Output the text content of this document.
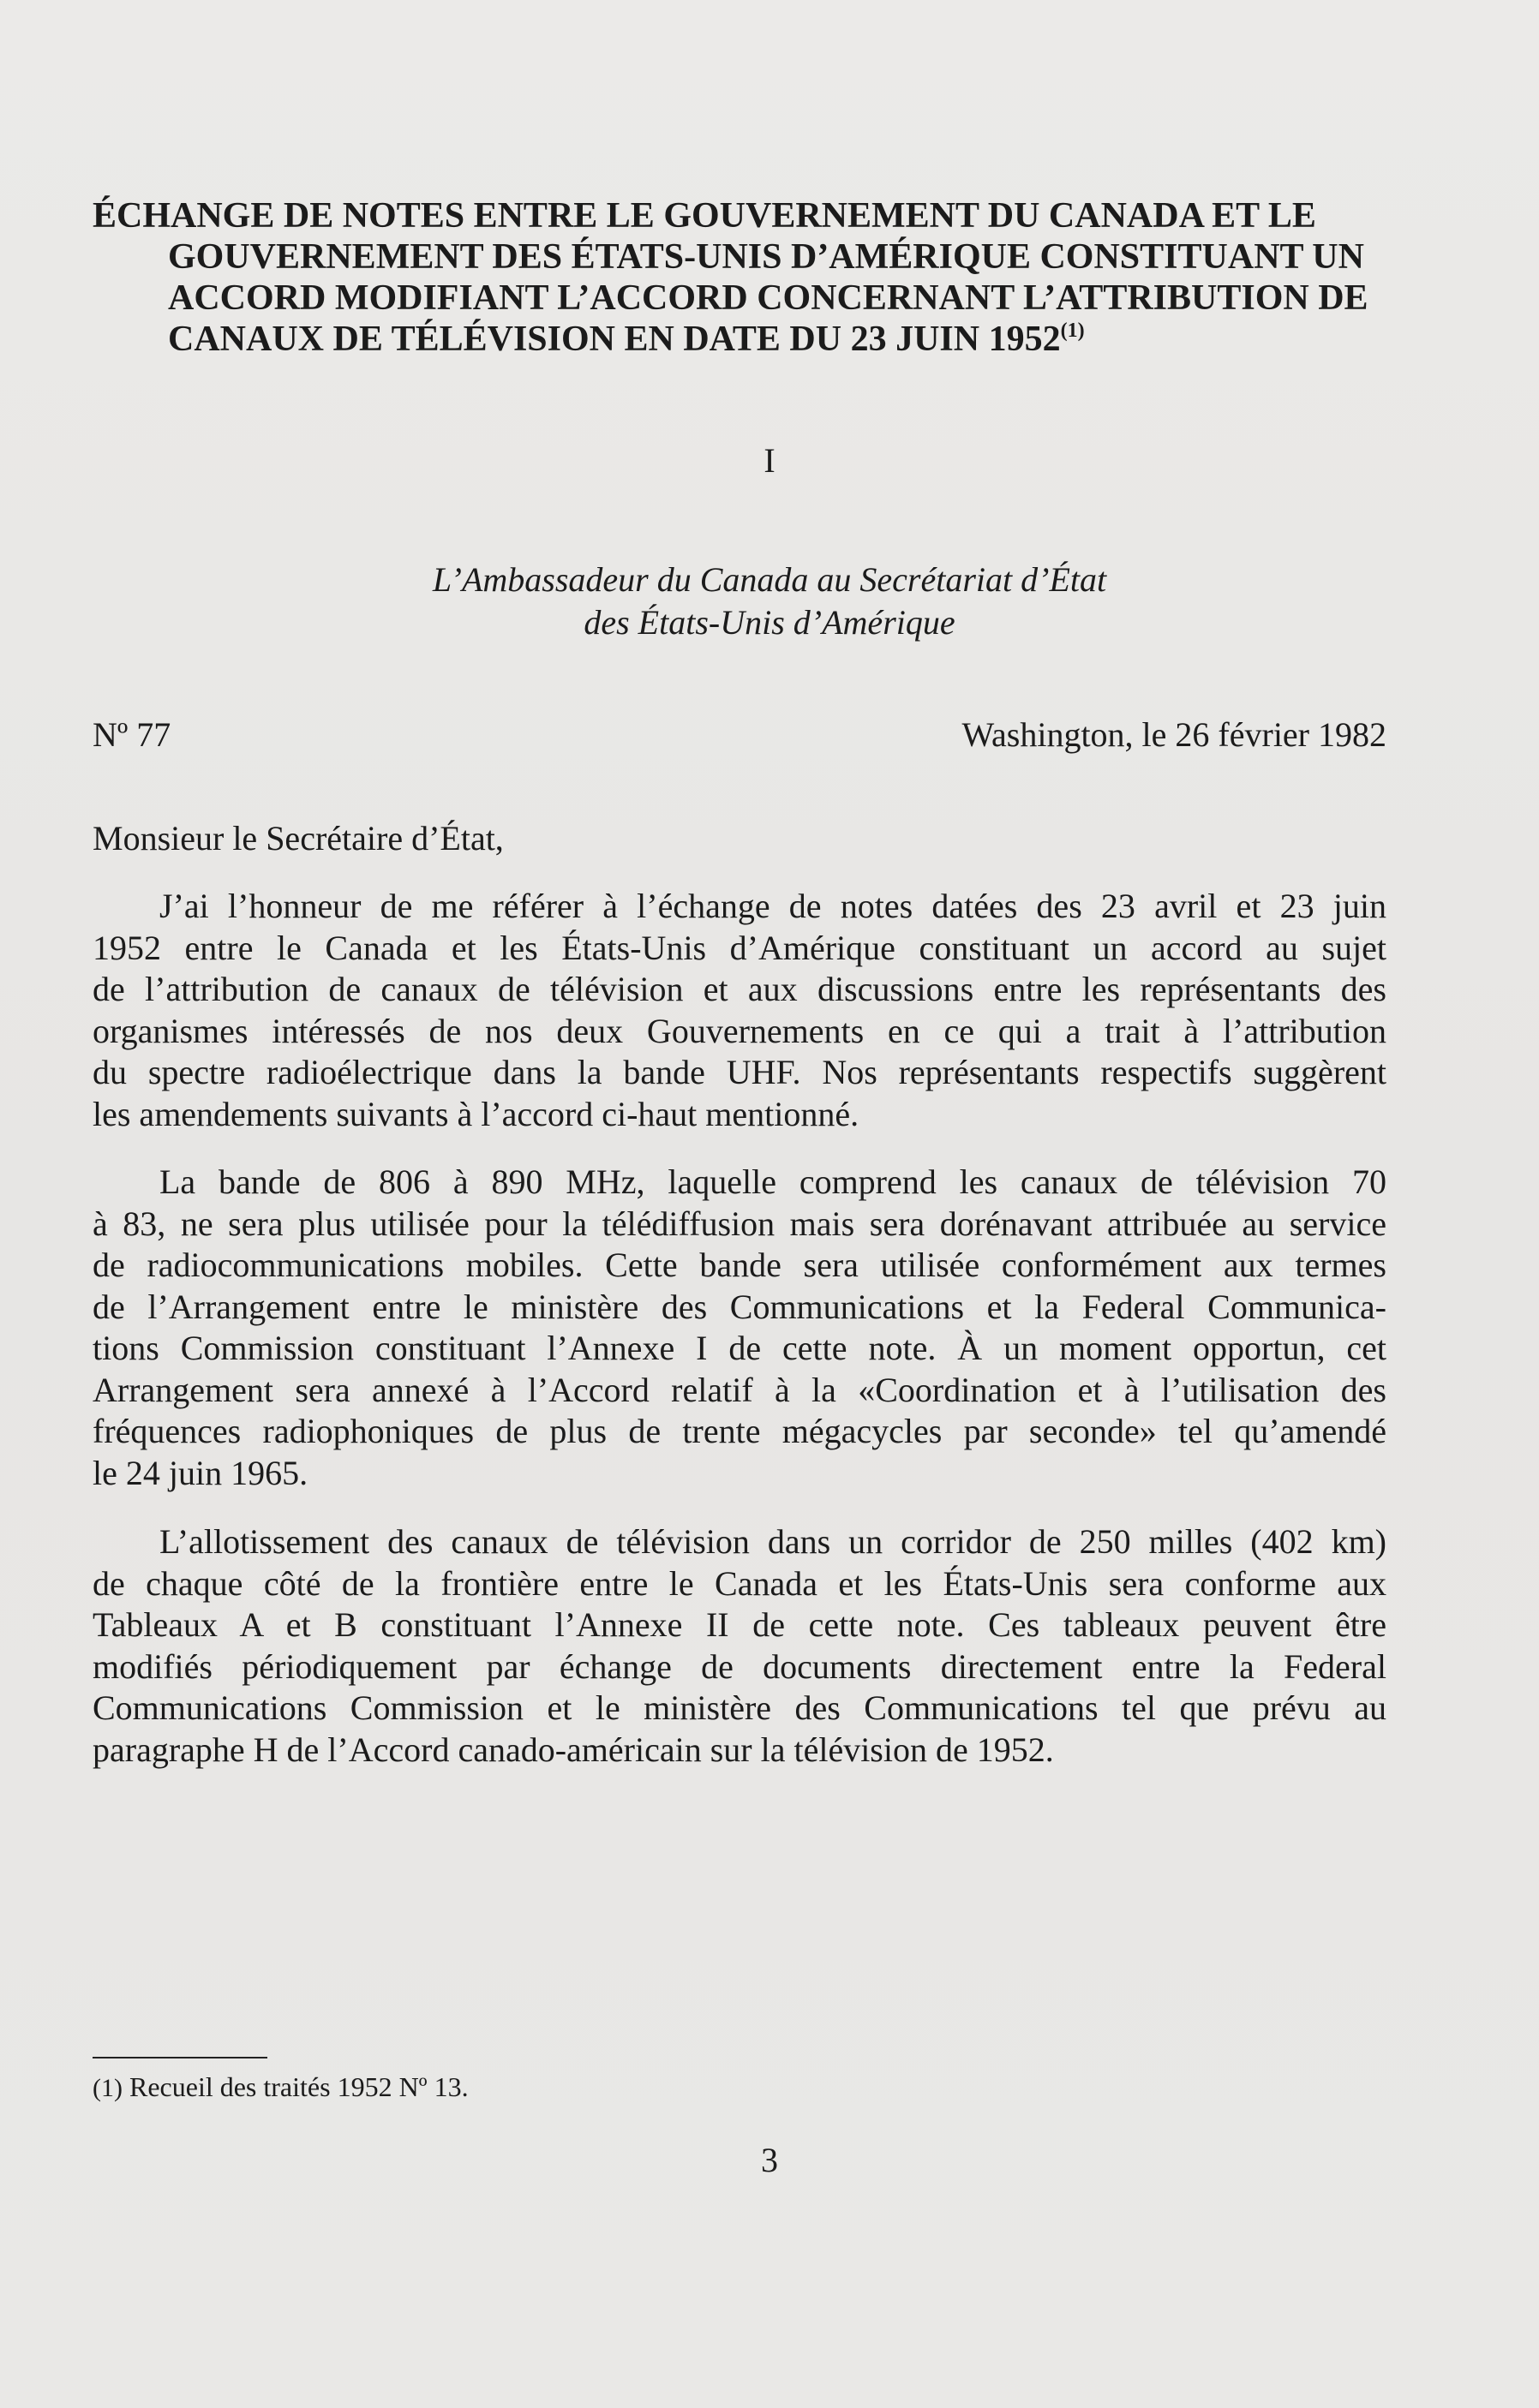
ÉCHANGE DE NOTES ENTRE LE GOUVERNEMENT DU CANADA ET LE
GOUVERNEMENT DES ÉTATS-UNIS D’AMÉRIQUE CONSTITUANT UN
ACCORD MODIFIANT L’ACCORD CONCERNANT L’ATTRIBUTION DE
CANAUX DE TÉLÉVISION EN DATE DU 23 JUIN 1952$^{(1)}$
I
L’Ambassadeur du Canada au Secrétariat d’État
des États-Unis d’Amérique
Nº 77	Washington, le 26 février 1982
Monsieur le Secrétaire d’État,
J’ai l’honneur de me référer à l’échange de notes datées des 23 avril et 23 juin
1952 entre le Canada et les États-Unis d’Amérique constituant un accord au sujet
de l’attribution de canaux de télévision et aux discussions entre les représentants des
organismes intéressés de nos deux Gouvernements en ce qui a trait à l’attribution
du spectre radioélectrique dans la bande UHF. Nos représentants respectifs suggèrent
les amendements suivants à l’accord ci-haut mentionné.
La bande de 806 à 890 MHz, laquelle comprend les canaux de télévision 70
à 83, ne sera plus utilisée pour la télédiffusion mais sera dorénavant attribuée au service
de radiocommunications mobiles. Cette bande sera utilisée conformément aux termes
de l’Arrangement entre le ministère des Communications et la Federal Communica-
tions Commission constituant l’Annexe I de cette note. À un moment opportun, cet
Arrangement sera annexé à l’Accord relatif à la «Coordination et à l’utilisation des
fréquences radiophoniques de plus de trente mégacycles par seconde» tel qu’amendé
le 24 juin 1965.
L’allotissement des canaux de télévision dans un corridor de 250 milles (402 km)
de chaque côté de la frontière entre le Canada et les États-Unis sera conforme aux
Tableaux A et B constituant l’Annexe II de cette note. Ces tableaux peuvent être
modifiés périodiquement par échange de documents directement entre la Federal
Communications Commission et le ministère des Communications tel que prévu au
paragraphe H de l’Accord canado-américain sur la télévision de 1952.
(1) Recueil des traités 1952 Nº 13.
3
